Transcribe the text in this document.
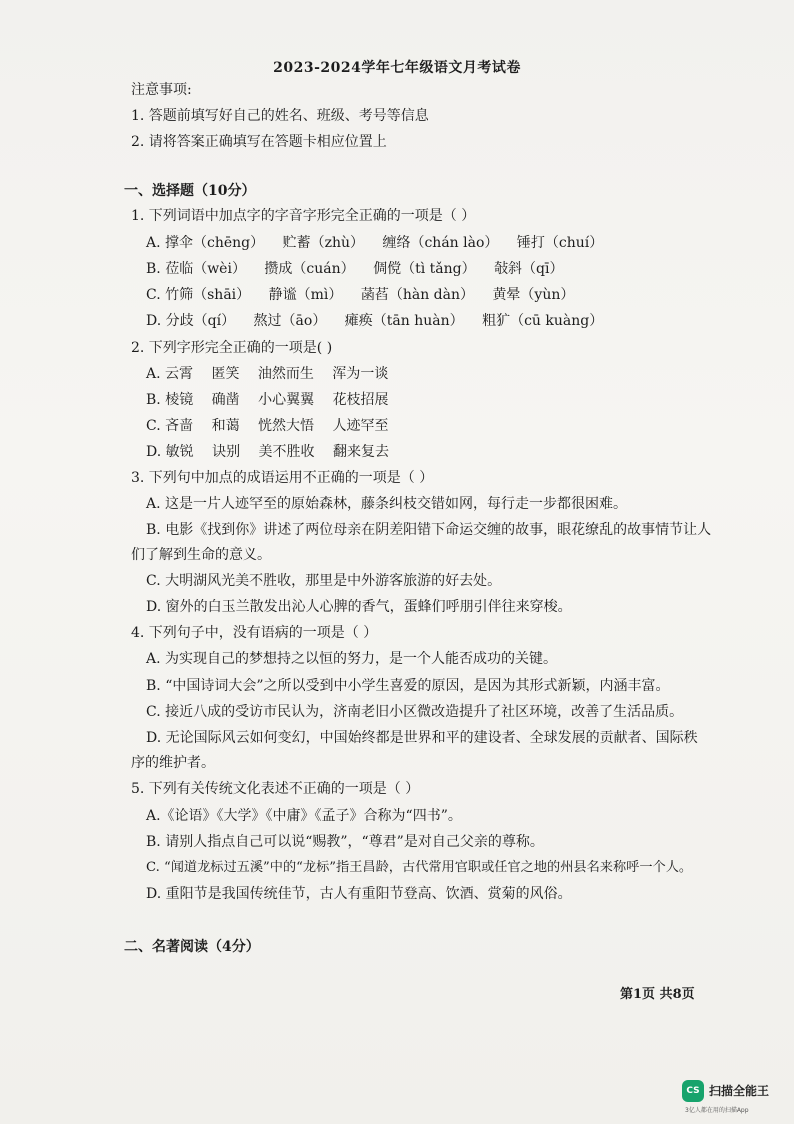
2023-2024学年七年级语文月考试卷
注意事项:
1. 答题前填写好自己的姓名、班级、考号等信息
2. 请将答案正确填写在答题卡相应位置上
一、选择题（10分）
1. 下列词语中加点字的字音字形完全正确的一项是（ ）
A. 撑伞（chēng） 贮蓄（zhù） 缠络（chán lào） 锤打（chuí）
B. 莅临（wèi） 攒成（cuán） 倜傥（tì tǎng） 敧斜（qī）
C. 竹筛（shāi） 静谧（mì） 菡萏（hàn dàn） 黄晕（yùn）
D. 分歧（qí） 熬过（āo） 瘫痪（tān huàn） 粗犷（cū kuàng）
2. 下列字形完全正确的一项是( )
A. 云霄 匿笑 油然而生 浑为一谈
B. 棱镜 确凿 小心翼翼 花枝招展
C. 吝啬 和蔼 恍然大悟 人迹罕至
D. 敏锐 诀别 美不胜收 翻来复去
3. 下列句中加点的成语运用不正确的一项是（ ）
A. 这是一片人迹罕至的原始森林，藤条纠枝交错如网，每行走一步都很困难。
B. 电影《找到你》讲述了两位母亲在阴差阳错下命运交缠的故事，眼花缭乱的故事情节让人
们了解到生命的意义。
C. 大明湖风光美不胜收，那里是中外游客旅游的好去处。
D. 窗外的白玉兰散发出沁人心脾的香气，蛋蜂们呼朋引伴往来穿梭。
4. 下列句子中，没有语病的一项是（ ）
A. 为实现自己的梦想持之以恒的努力，是一个人能否成功的关键。
B. “中国诗词大会”之所以受到中小学生喜爱的原因，是因为其形式新颖，内涵丰富。
C. 接近八成的受访市民认为，济南老旧小区微改造提升了社区环境，改善了生活品质。
D. 无论国际风云如何变幻，中国始终都是世界和平的建设者、全球发展的贡献者、国际秩
序的维护者。
5. 下列有关传统文化表述不正确的一项是（ ）
A.《论语》《大学》《中庸》《孟子》合称为“四书”。
B. 请别人指点自己可以说“赐教”，“尊君”是对自己父亲的尊称。
C. “闻道龙标过五溪”中的“龙标”指王昌龄，古代常用官职或任官之地的州县名来称呼一个人。
D. 重阳节是我国传统佳节，古人有重阳节登高、饮酒、赏菊的风俗。
二、名著阅读（4分）
第1页 共8页
CS 扫描全能王
3亿人都在用的扫描App
